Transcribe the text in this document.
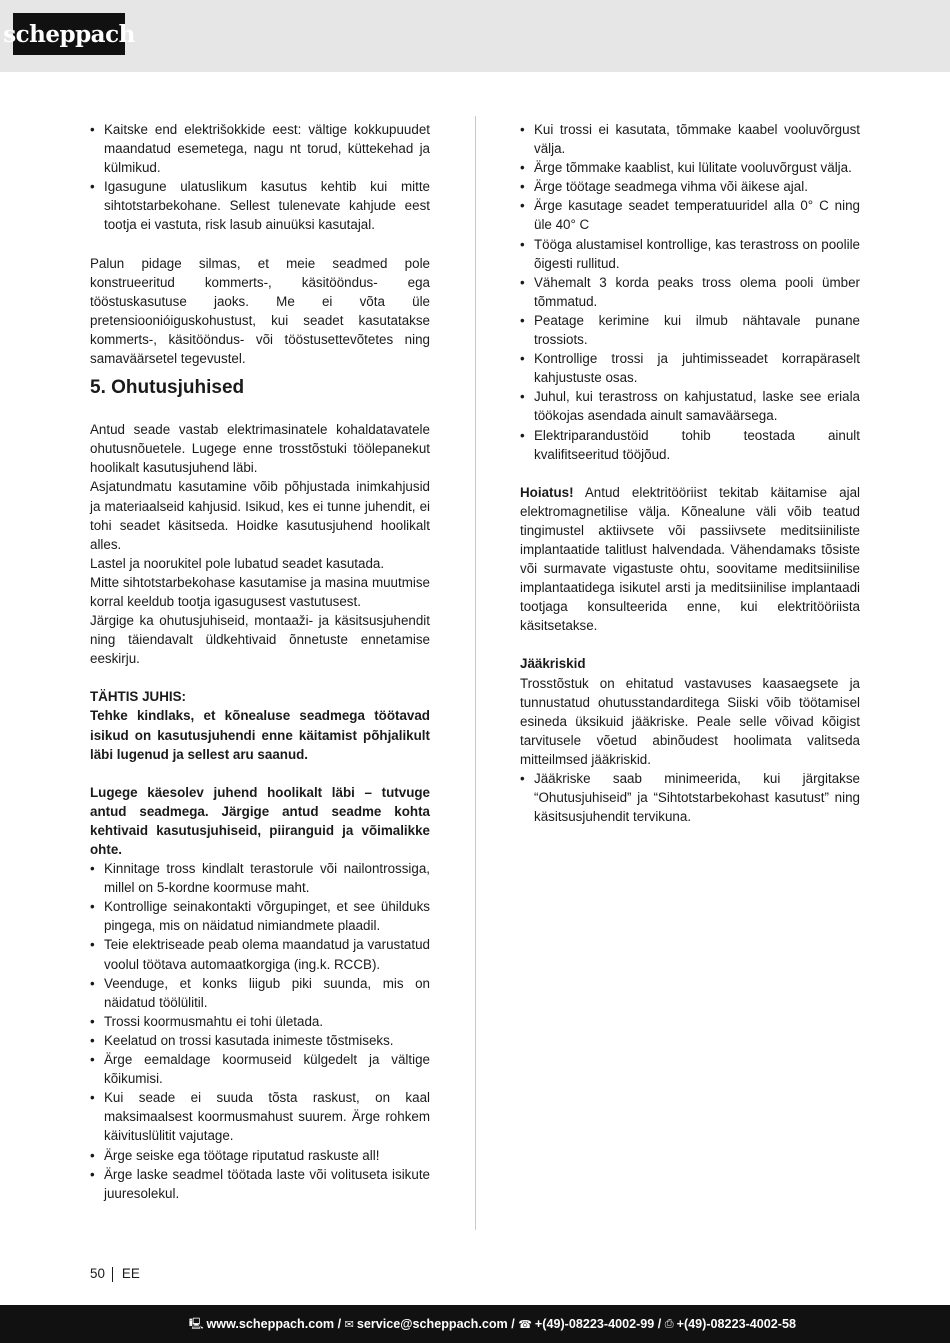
scheppach
• Kaitske end elektrišokkide eest: vältige kokkupuudet maandatud esemetega, nagu nt torud, küttekehad ja külmikud.
• Igasugune ulatuslikum kasutus kehtib kui mitte sihtotstarbekohane. Sellest tulenevate kahjude eest tootja ei vastuta, risk lasub ainuüksi kasutajal.

Palun pidage silmas, et meie seadmed pole konstrueeritud kommerts-, käsitööndus- ega tööstuskasutuse jaoks. Me ei võta üle pretensioonióiguskohustust, kui seadet kasutatakse kommerts-, käsitööndus- või tööstusettevõtetes ning samaväärsetel tegevustel.

5. Ohutusjuhised

Antud seade vastab elektrimasinatele kohaldatavatele ohutusnõuetele. Lugege enne trosstõstuki töölepanekut hoolikalt kasutusjuhend läbi.

Asjatundmatu kasutamine võib põhjustada inimkahjusid ja materiaalseid kahjusid. Isikud, kes ei tunne juhendit, ei tohi seadet käsitseda. Hoidke kasutusjuhend hoolikalt alles.

Lastel ja noorukitel pole lubatud seadet kasutada.

Mitte sihtotstarbekohase kasutamise ja masina muutmise korral keeldub tootja igasugusest vastutusest.

Järgige ka ohutusjuhiseid, montaaži- ja käsitsusjuhendit ning täiendavalt üldkehtivaid õnnetuste ennetamise eeskirju.

TÄHTIS JUHIS:

Tehke kindlaks, et kõnealuse seadmega töötavad isikud on kasutusjuhendi enne käitamist põhjalikult läbi lugenud ja sellest aru saanud.

Lugege käesolev juhend hoolikalt läbi – tutvuge antud seadmega. Järgige antud seadme kohta kehtivaid kasutusjuhiseid, piiranguid ja võimalikke ohte.

• Kinnitage tross kindlalt terastorule või nailontrossiga, millel on 5-kordne koormuse maht.
• Kontrollige seinakontakti võrgupinget, et see ühilduks pingega, mis on näidatud nimiandmete plaadil.
• Teie elektriseade peab olema maandatud ja varustatud voolul töötava automaatkorgiga (ing.k. RCCB).
• Veenduge, et konks liigub piki suunda, mis on näidatud töölülitil.
• Trossi koormusmahtu ei tohi ületada.
• Keelatud on trossi kasutada inimeste tõstmiseks.
• Ärge eemaldage koormuseid külgedelt ja vältige kõikumisi.
• Kui seade ei suuda tõsta raskust, on kaal maksimaalsest koormusmahust suurem. Ärge rohkem käivituslülitit vajutage.
• Ärge seiske ega töötage riputatud raskuste all!
• Ärge laske seadmel töötada laste või volituseta isikute juuresolekul.
• Kui trossi ei kasutata, tõmmake kaabel vooluvõrgust välja.
• Ärge tõmmake kaablist, kui lülitate vooluvõrgust välja.
• Ärge töötage seadmega vihma või äikese ajal.
• Ärge kasutage seadet temperatuuridel alla 0° C ning üle 40° C
• Tööga alustamisel kontrollige, kas terastross on poolile õigesti rullitud.
• Vähemalt 3 korda peaks tross olema pooli ümber tõmmatud.
• Peatage kerimine kui ilmub nähtavale punane trossiots.
• Kontrollige trossi ja juhtimisseadet korrapäraselt kahjustuste osas.
• Juhul, kui terastross on kahjustatud, laske see eriala töökojas asendada ainult samaväärsega.
• Elektriparandustöid tohib teostada ainult kvalifitseeritud tööjõud.

Hoiatus! Antud elektritööriist tekitab käitamise ajal elektromagnetilise välja. Kõnealune väli võib teatud tingimustel aktiivsete või passiivsete meditsiiniliste implantaatide talitlust halvendada. Vähendamaks tõsiste või surmavate vigastuste ohtu, soovitame meditsiinilise implantaatidega isikutel arsti ja meditsiinilise implantaadi tootjaga konsulteerida enne, kui elektritööriista käsitsetakse.

Jääkriskid

Trosstõstuk on ehitatud vastavuses kaasaegsete ja tunnustatud ohutusstandarditega Siiski võib töötamisel esineda üksikuid jääkriske. Peale selle võivad kõigist tarvitusele võetud abinõudest hoolimata valitseda mitteilmsed jääkriskid.

• Jääkriske saab minimeerida, kui järgitakse “Ohutusjuhiseid” ja “Sihtotstarbekohast kasutust” ning käsitsusjuhendit tervikuna.
50 EE
🖳 www.scheppach.com /
✉ service@scheppach.com /
☎ +(49)-08223-4002-99 /
⎙ +(49)-08223-4002-58
